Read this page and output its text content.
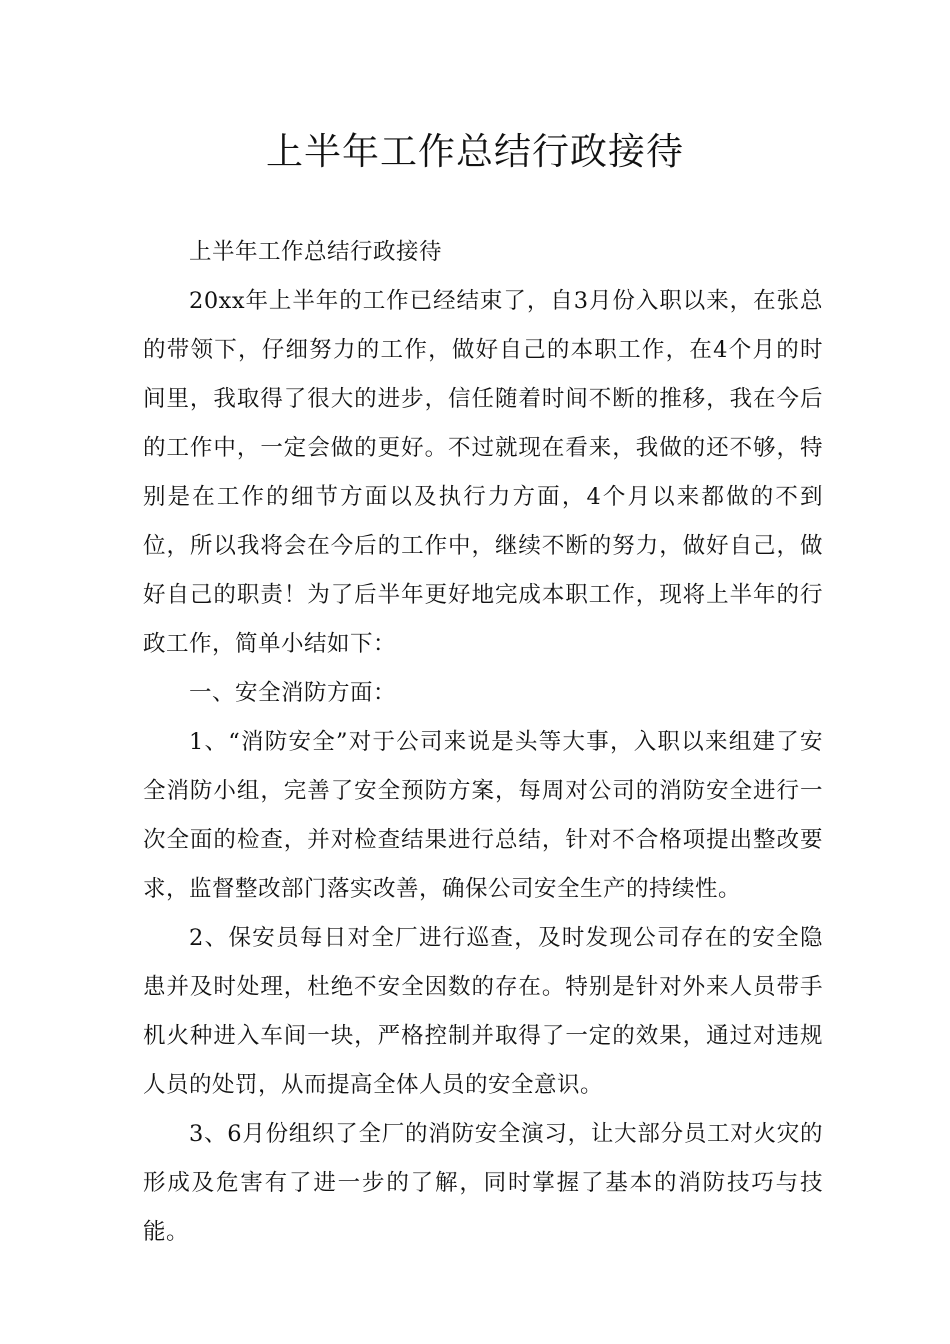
上半年工作总结行政接待

上半年工作总结行政接待

20xx年上半年的工作已经结束了，自3月份入职以来，在张总的带领下，仔细努力的工作，做好自己的本职工作，在4个月的时间里，我取得了很大的进步，信任随着时间不断的推移，我在今后的工作中，一定会做的更好。不过就现在看来，我做的还不够，特别是在工作的细节方面以及执行力方面，4个月以来都做的不到位，所以我将会在今后的工作中，继续不断的努力，做好自己，做好自己的职责！为了后半年更好地完成本职工作，现将上半年的行政工作，简单小结如下：

一、安全消防方面：

1、“消防安全”对于公司来说是头等大事，入职以来组建了安全消防小组，完善了安全预防方案，每周对公司的消防安全进行一次全面的检查，并对检查结果进行总结，针对不合格项提出整改要求，监督整改部门落实改善，确保公司安全生产的持续性。

2、保安员每日对全厂进行巡查，及时发现公司存在的安全隐患并及时处理，杜绝不安全因数的存在。特别是针对外来人员带手机火种进入车间一块，严格控制并取得了一定的效果，通过对违规人员的处罚，从而提高全体人员的安全意识。

3、6月份组织了全厂的消防安全演习，让大部分员工对火灾的形成及危害有了进一步的了解，同时掌握了基本的消防技巧与技能。
